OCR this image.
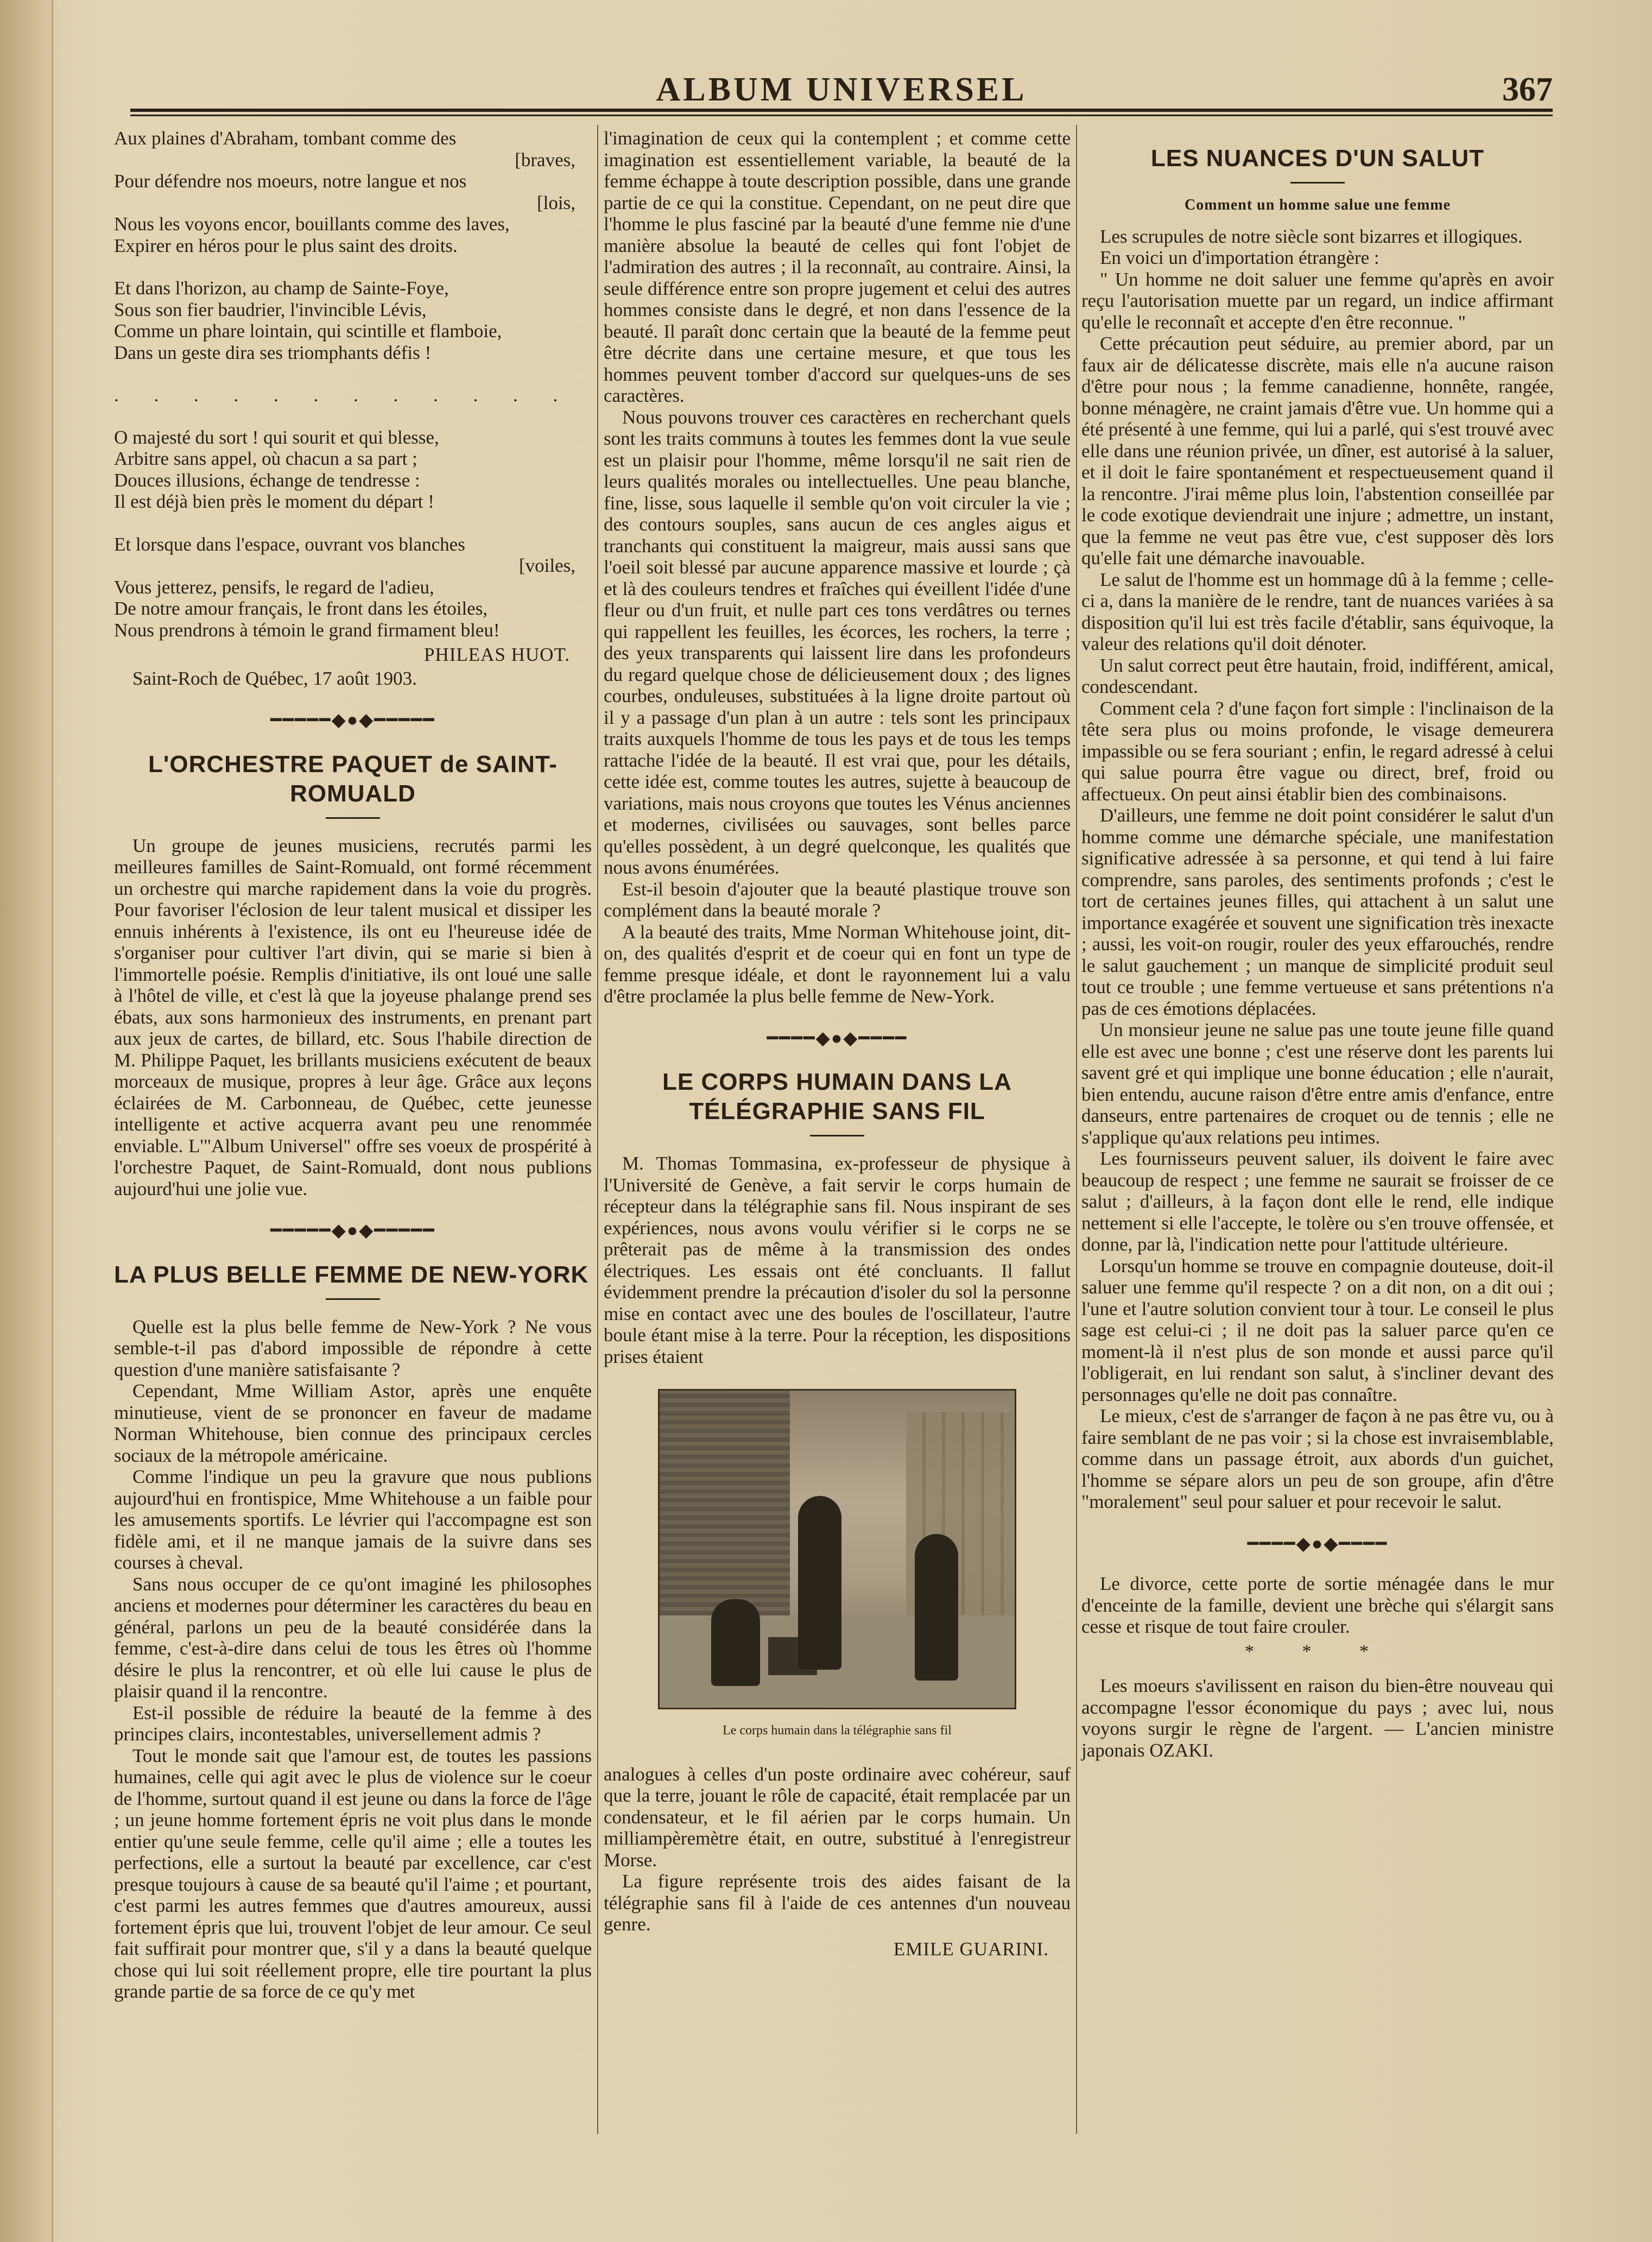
ALBUM UNIVERSEL	367

Aux plaines d'Abraham, tombant comme des

[braves,

Pour défendre nos moeurs, notre langue et nos

[lois,

Nous les voyons encor, bouillants comme des laves,

Expirer en héros pour le plus saint des droits.

Et dans l'horizon, au champ de Sainte-Foye,

Sous son fier baudrier, l'invincible Lévis,

Comme un phare lointain, qui scintille et flamboie,

Dans un geste dira ses triomphants défis !

. . . . . . . . . . . .

O majesté du sort ! qui sourit et qui blesse,

Arbitre sans appel, où chacun a sa part ;

Douces illusions, échange de tendresse :

Il est déjà bien près le moment du départ !

Et lorsque dans l'espace, ouvrant vos blanches

[voiles,

Vous jetterez, pensifs, le regard de l'adieu,

De notre amour français, le front dans les étoiles,

Nous prendrons à témoin le grand firmament bleu!

PHILEAS HUOT.

Saint-Roch de Québec, 17 août 1903.

━━━━━◆●◆━━━━━
L'ORCHESTRE PAQUET de SAINT-ROMUALD

Un groupe de jeunes musiciens, recrutés parmi les meilleures familles de Saint-Romuald, ont formé récemment un orchestre qui marche rapidement dans la voie du progrès. Pour favoriser l'éclosion de leur talent musical et dissiper les ennuis inhérents à l'existence, ils ont eu l'heureuse idée de s'organiser pour cultiver l'art divin, qui se marie si bien à l'immortelle poésie. Remplis d'initiative, ils ont loué une salle à l'hôtel de ville, et c'est là que la joyeuse phalange prend ses ébats, aux sons harmonieux des instruments, en prenant part aux jeux de cartes, de billard, etc. Sous l'habile direction de M. Philippe Paquet, les brillants musiciens exécutent de beaux morceaux de musique, propres à leur âge. Grâce aux leçons éclairées de M. Carbonneau, de Québec, cette jeunesse intelligente et active acquerra avant peu une renommée enviable. L'"Album Universel" offre ses voeux de prospérité à l'orchestre Paquet, de Saint-Romuald, dont nous publions aujourd'hui une jolie vue.

━━━━━◆●◆━━━━━
LA PLUS BELLE FEMME DE NEW-YORK

Quelle est la plus belle femme de New-York ? Ne vous semble-t-il pas d'abord impossible de répondre à cette question d'une manière satisfaisante ?

Cependant, Mme William Astor, après une enquête minutieuse, vient de se prononcer en faveur de madame Norman Whitehouse, bien connue des principaux cercles sociaux de la métropole américaine.

Comme l'indique un peu la gravure que nous publions aujourd'hui en frontispice, Mme Whitehouse a un faible pour les amusements sportifs. Le lévrier qui l'accompagne est son fidèle ami, et il ne manque jamais de la suivre dans ses courses à cheval.

Sans nous occuper de ce qu'ont imaginé les philosophes anciens et modernes pour déterminer les caractères du beau en général, parlons un peu de la beauté considérée dans la femme, c'est-à-dire dans celui de tous les êtres où l'homme désire le plus la rencontrer, et où elle lui cause le plus de plaisir quand il la rencontre.

Est-il possible de réduire la beauté de la femme à des principes clairs, incontestables, universellement admis ?

Tout le monde sait que l'amour est, de toutes les passions humaines, celle qui agit avec le plus de violence sur le coeur de l'homme, surtout quand il est jeune ou dans la force de l'âge ; un jeune homme fortement épris ne voit plus dans le monde entier qu'une seule femme, celle qu'il aime ; elle a toutes les perfections, elle a surtout la beauté par excellence, car c'est presque toujours à cause de sa beauté qu'il l'aime ; et pourtant, c'est parmi les autres femmes que d'autres amoureux, aussi fortement épris que lui, trouvent l'objet de leur amour. Ce seul fait suffirait pour montrer que, s'il y a dans la beauté quelque chose qui lui soit réellement propre, elle tire pourtant la plus grande partie de sa force de ce qu'y met

l'imagination de ceux qui la contemplent ; et comme cette imagination est essentiellement variable, la beauté de la femme échappe à toute description possible, dans une grande partie de ce qui la constitue. Cependant, on ne peut dire que l'homme le plus fasciné par la beauté d'une femme nie d'une manière absolue la beauté de celles qui font l'objet de l'admiration des autres ; il la reconnaît, au contraire. Ainsi, la seule différence entre son propre jugement et celui des autres hommes consiste dans le degré, et non dans l'essence de la beauté. Il paraît donc certain que la beauté de la femme peut être décrite dans une certaine mesure, et que tous les hommes peuvent tomber d'accord sur quelques-uns de ses caractères.

Nous pouvons trouver ces caractères en recherchant quels sont les traits communs à toutes les femmes dont la vue seule est un plaisir pour l'homme, même lorsqu'il ne sait rien de leurs qualités morales ou intellectuelles. Une peau blanche, fine, lisse, sous laquelle il semble qu'on voit circuler la vie ; des contours souples, sans aucun de ces angles aigus et tranchants qui constituent la maigreur, mais aussi sans que l'oeil soit blessé par aucune apparence massive et lourde ; çà et là des couleurs tendres et fraîches qui éveillent l'idée d'une fleur ou d'un fruit, et nulle part ces tons verdâtres ou ternes qui rappellent les feuilles, les écorces, les rochers, la terre ; des yeux transparents qui laissent lire dans les profondeurs du regard quelque chose de délicieusement doux ; des lignes courbes, onduleuses, substituées à la ligne droite partout où il y a passage d'un plan à un autre : tels sont les principaux traits auxquels l'homme de tous les pays et de tous les temps rattache l'idée de la beauté. Il est vrai que, pour les détails, cette idée est, comme toutes les autres, sujette à beaucoup de variations, mais nous croyons que toutes les Vénus anciennes et modernes, civilisées ou sauvages, sont belles parce qu'elles possèdent, à un degré quelconque, les qualités que nous avons énumérées.

Est-il besoin d'ajouter que la beauté plastique trouve son complément dans la beauté morale ?

A la beauté des traits, Mme Norman Whitehouse joint, dit-on, des qualités d'esprit et de coeur qui en font un type de femme presque idéale, et dont le rayonnement lui a valu d'être proclamée la plus belle femme de New-York.

━━━━◆●◆━━━━
LE CORPS HUMAIN DANS LA TÉLÉGRAPHIE SANS FIL

M. Thomas Tommasina, ex-professeur de physique à l'Université de Genève, a fait servir le corps humain de récepteur dans la télégraphie sans fil. Nous inspirant de ses expériences, nous avons voulu vérifier si le corps ne se prêterait pas de même à la transmission des ondes électriques. Les essais ont été concluants. Il fallut évidemment prendre la précaution d'isoler du sol la personne mise en contact avec une des boules de l'oscillateur, l'autre boule étant mise à la terre. Pour la réception, les dispositions prises étaient

Le corps humain dans la télégraphie sans fil

analogues à celles d'un poste ordinaire avec cohéreur, sauf que la terre, jouant le rôle de capacité, était remplacée par un condensateur, et le fil aérien par le corps humain. Un milliampèremètre était, en outre, substitué à l'enregistreur Morse.

La figure représente trois des aides faisant de la télégraphie sans fil à l'aide de ces antennes d'un nouveau genre.

EMILE GUARINI.

LES NUANCES D'UN SALUT
Comment un homme salue une femme

Les scrupules de notre siècle sont bizarres et illogiques.

En voici un d'importation étrangère :

" Un homme ne doit saluer une femme qu'après en avoir reçu l'autorisation muette par un regard, un indice affirmant qu'elle le reconnaît et accepte d'en être reconnue. "

Cette précaution peut séduire, au premier abord, par un faux air de délicatesse discrète, mais elle n'a aucune raison d'être pour nous ; la femme canadienne, honnête, rangée, bonne ménagère, ne craint jamais d'être vue. Un homme qui a été présenté à une femme, qui lui a parlé, qui s'est trouvé avec elle dans une réunion privée, un dîner, est autorisé à la saluer, et il doit le faire spontanément et respectueusement quand il la rencontre. J'irai même plus loin, l'abstention conseillée par le code exotique deviendrait une injure ; admettre, un instant, que la femme ne veut pas être vue, c'est supposer dès lors qu'elle fait une démarche inavouable.

Le salut de l'homme est un hommage dû à la femme ; celle-ci a, dans la manière de le rendre, tant de nuances variées à sa disposition qu'il lui est très facile d'établir, sans équivoque, la valeur des relations qu'il doit dénoter.

Un salut correct peut être hautain, froid, indifférent, amical, condescendant.

Comment cela ? d'une façon fort simple : l'inclinaison de la tête sera plus ou moins profonde, le visage demeurera impassible ou se fera souriant ; enfin, le regard adressé à celui qui salue pourra être vague ou direct, bref, froid ou affectueux. On peut ainsi établir bien des combinaisons.

D'ailleurs, une femme ne doit point considérer le salut d'un homme comme une démarche spéciale, une manifestation significative adressée à sa personne, et qui tend à lui faire comprendre, sans paroles, des sentiments profonds ; c'est le tort de certaines jeunes filles, qui attachent à un salut une importance exagérée et souvent une signification très inexacte ; aussi, les voit-on rougir, rouler des yeux effarouchés, rendre le salut gauchement ; un manque de simplicité produit seul tout ce trouble ; une femme vertueuse et sans prétentions n'a pas de ces émotions déplacées.

Un monsieur jeune ne salue pas une toute jeune fille quand elle est avec une bonne ; c'est une réserve dont les parents lui savent gré et qui implique une bonne éducation ; elle n'aurait, bien entendu, aucune raison d'être entre amis d'enfance, entre danseurs, entre partenaires de croquet ou de tennis ; elle ne s'applique qu'aux relations peu intimes.

Les fournisseurs peuvent saluer, ils doivent le faire avec beaucoup de respect ; une femme ne saurait se froisser de ce salut ; d'ailleurs, à la façon dont elle le rend, elle indique nettement si elle l'accepte, le tolère ou s'en trouve offensée, et donne, par là, l'indication nette pour l'attitude ultérieure.

Lorsqu'un homme se trouve en compagnie douteuse, doit-il saluer une femme qu'il respecte ? on a dit non, on a dit oui ; l'une et l'autre solution convient tour à tour. Le conseil le plus sage est celui-ci ; il ne doit pas la saluer parce qu'en ce moment-là il n'est plus de son monde et aussi parce qu'il l'obligerait, en lui rendant son salut, à s'incliner devant des personnages qu'elle ne doit pas connaître.

Le mieux, c'est de s'arranger de façon à ne pas être vu, ou à faire semblant de ne pas voir ; si la chose est invraisemblable, comme dans un passage étroit, aux abords d'un guichet, l'homme se sépare alors un peu de son groupe, afin d'être "moralement" seul pour saluer et pour recevoir le salut.

━━━━◆●◆━━━━

Le divorce, cette porte de sortie ménagée dans le mur d'enceinte de la famille, devient une brèche qui s'élargit sans cesse et risque de tout faire crouler.

* * *

Les moeurs s'avilissent en raison du bien-être nouveau qui accompagne l'essor économique du pays ; avec lui, nous voyons surgir le règne de l'argent. — L'ancien ministre japonais OZAKI.
